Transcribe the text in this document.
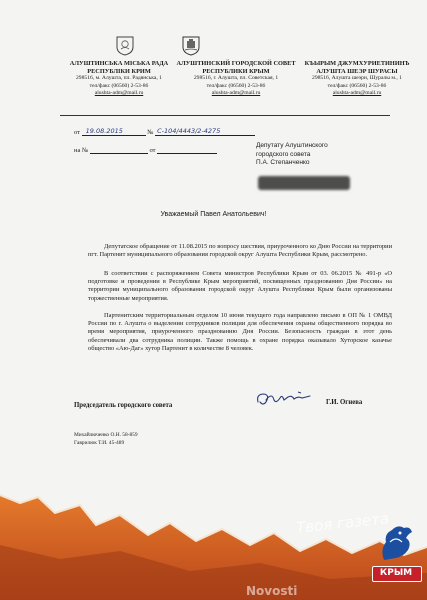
АЛУШТИНСЬКА МІСЬКА РАДА
РЕСПУБЛІКИ КРИМ
298516, м. Алушта, пл. Радянська, 1
тел/факс (06560) 2-53-86
alushta-adm@mail.ru
АЛУШТИНСКИЙ ГОРОДСКОЙ СОВЕТ
РЕСПУБЛИКИ КРЫМ
298516, г. Алушта, пл. Советская, 1
тел/факс (06560) 2-53-86
alushta-adm@mail.ru
КЪЫРЫМ ДЖУМХУРИЕТИНИНЪ
АЛУШТА ШЕЭР ШУРАСЫ
298516, Алушта шеэри, Шуралы м., 1
тел/факс (06560) 2-53-86
alushta-adm@mail.ru
от 19.08.2015	№ С-104/4443/2-4275
на №	от
Депутату Алуштинского
городского совета
П.А. Степанченко
Уважаемый Павел Анатольевич!

Депутатское обращение от 11.08.2015 по вопросу шествия, приуроченного ко Дню России на территории пгт. Партенит муниципального образования городской округ Алушта Республики Крым, рассмотрено.

В соответствии с распоряжением Совета министров Республики Крым от 03. 06.2015 № 491-р «О подготовке и проведении в Республике Крым мероприятий, посвященных празднованию Дня России» на территории муниципального образования городской округ Алушта Республики Крым были организованы торжественные мероприятия.

Партенитским территориальным отделом 10 июня текущего года направлено письмо в ОП № 1 ОМВД России по г. Алушта о выделении сотрудников полиции для обеспечения охраны общественного порядка во время мероприятия, приуроченного празднованию Дня России. Безопасность граждан в этот день обеспечивали два сотрудника полиции. Также помощь в охране порядка оказывало Хуторское казачье общество «Аю-Даг» хутор Партенит в количестве 8 человек.

Председатель городского совета	Г.И. Огнева
Михайлюченко О.Н. 58-859
Гаврилюк Т.И. 45-489
Твоя газета
Novosti
КРЫМ
